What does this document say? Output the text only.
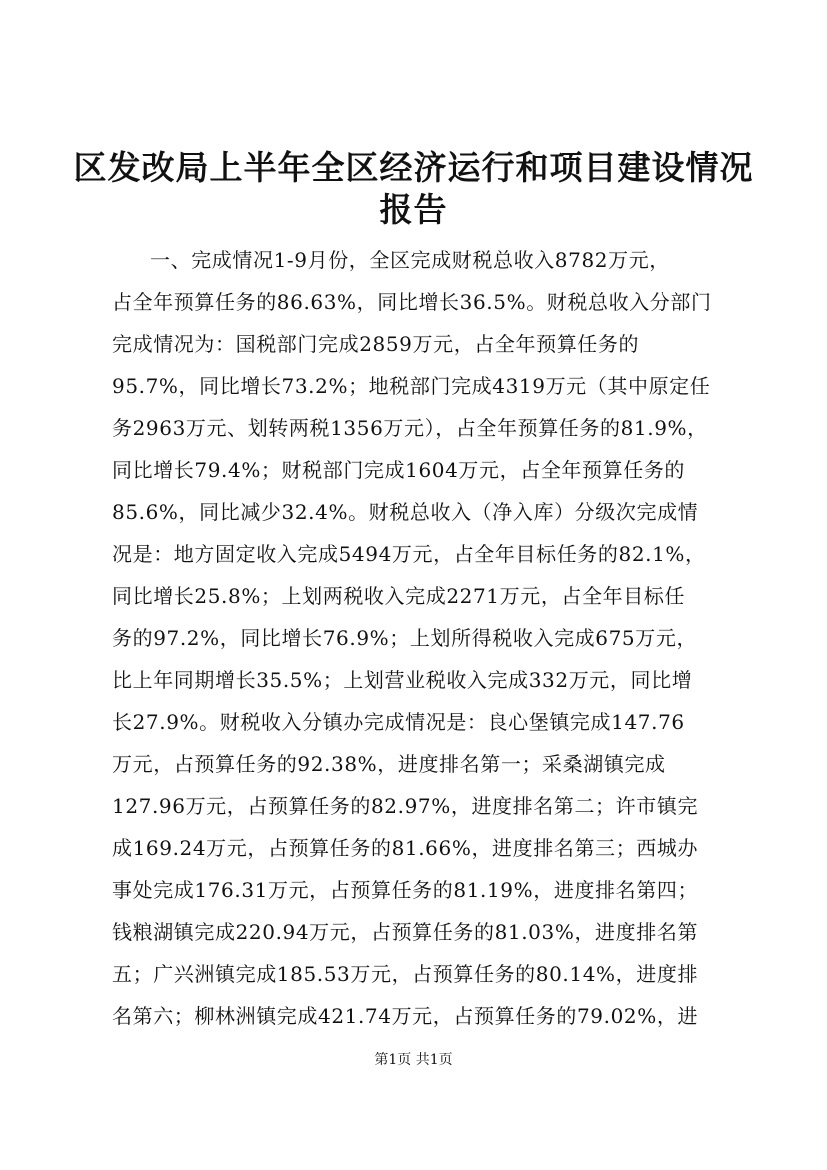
区发改局上半年全区经济运行和项目建设情况
报告
一、完成情况1-9月份，全区完成财税总收入8782万元，
占全年预算任务的86.63%，同比增长36.5%。财税总收入分部门
完成情况为：国税部门完成2859万元，占全年预算任务的
95.7%，同比增长73.2%；地税部门完成4319万元（其中原定任
务2963万元、划转两税1356万元），占全年预算任务的81.9%，
同比增长79.4%；财税部门完成1604万元，占全年预算任务的
85.6%，同比减少32.4%。财税总收入（净入库）分级次完成情
况是：地方固定收入完成5494万元，占全年目标任务的82.1%，
同比增长25.8%；上划两税收入完成2271万元，占全年目标任
务的97.2%，同比增长76.9%；上划所得税收入完成675万元，
比上年同期增长35.5%；上划营业税收入完成332万元，同比增
长27.9%。财税收入分镇办完成情况是：良心堡镇完成147.76
万元，占预算任务的92.38%，进度排名第一；采桑湖镇完成
127.96万元，占预算任务的82.97%，进度排名第二；许市镇完
成169.24万元，占预算任务的81.66%，进度排名第三；西城办
事处完成176.31万元，占预算任务的81.19%，进度排名第四；
钱粮湖镇完成220.94万元，占预算任务的81.03%，进度排名第
五；广兴洲镇完成185.53万元，占预算任务的80.14%，进度排
名第六；柳林洲镇完成421.74万元，占预算任务的79.02%，进
第1页 共1页
